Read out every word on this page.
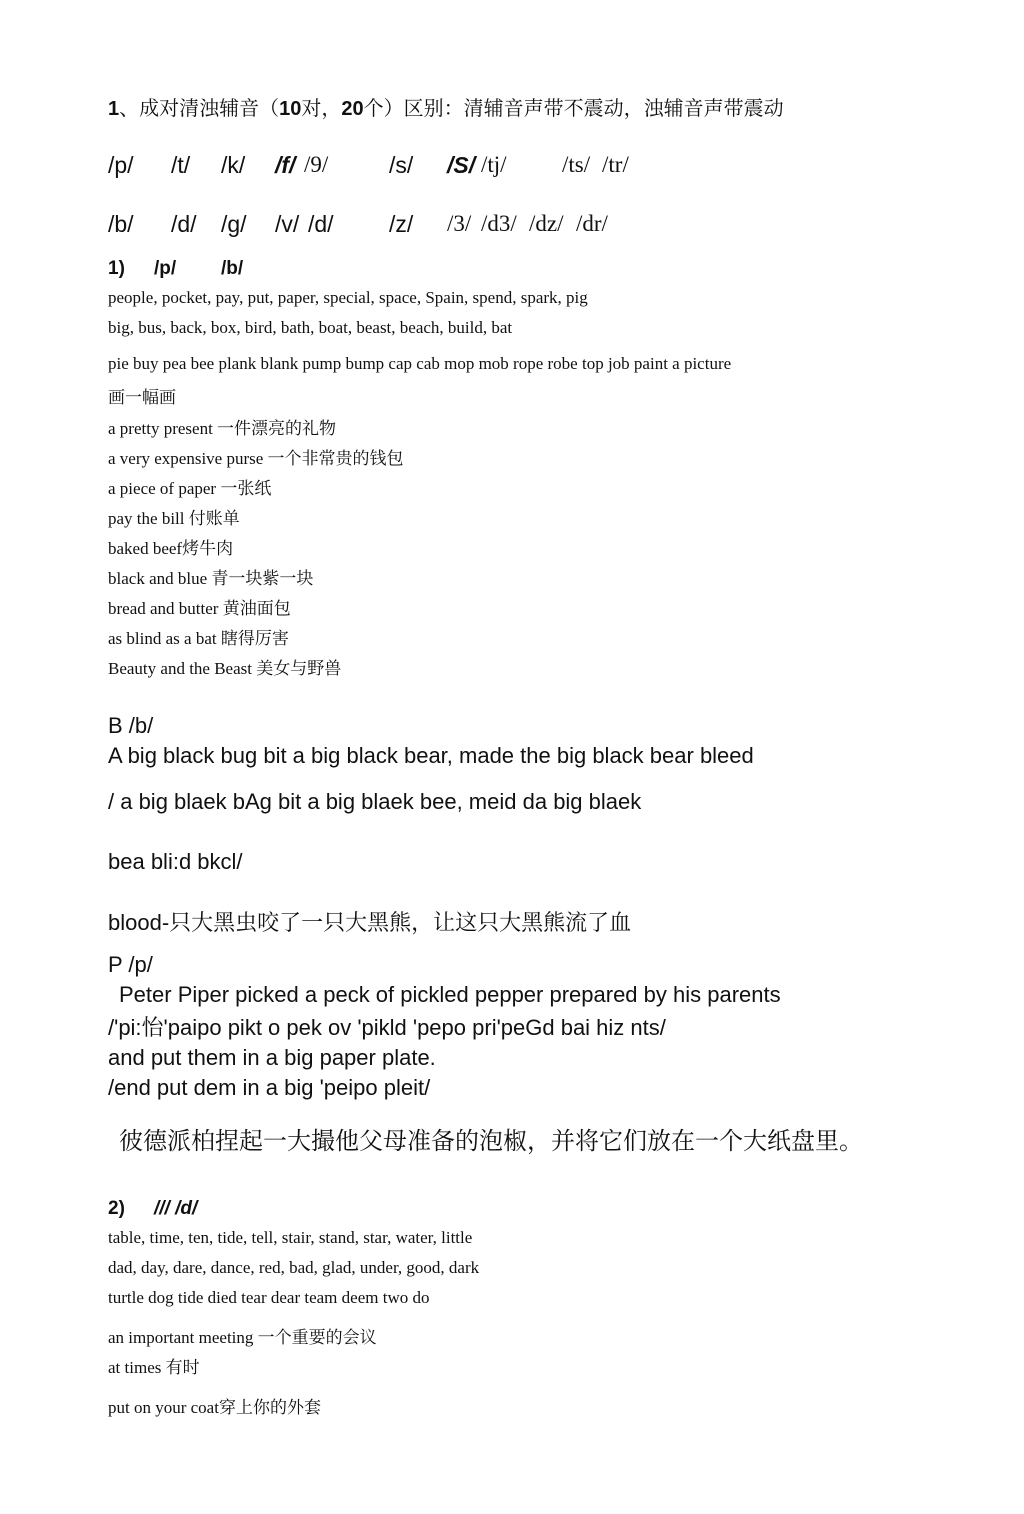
1、成对清浊辅音（10对，20个）区别：清辅音声带不震动，浊辅音声带震动
/p/ /t/ /k/ /f/ /9/	/s/ /S/ /tj/ /ts/ /tr/
/b/ /d/ /g/ /v/ /d/ /z/ /3/ /d3/ /dz/ /dr/
1) /p/ /b/
people, pocket, pay, put, paper, special, space, Spain, spend, spark, pig
big, bus, back, box, bird, bath, boat, beast, beach, build, bat
pie buy pea bee plank blank pump bump cap cab mop mob rope robe top job paint a picture
画一幅画
a pretty present 一件漂亮的礼物
a very expensive purse 一个非常贵的钱包
a piece of paper 一张纸
pay the bill 付账单
baked beef烤牛肉
black and blue 青一块紫一块
bread and butter 黄油面包
as blind as a bat 瞎得厉害
Beauty and the Beast 美女与野兽
B /b/
A big black bug bit a big black bear, made the big black bear bleed
/ a big blaek bAg bit a big blaek bee, meid da big blaek
bea bli:d bkcl/
blood-只大黑虫咬了一只大黑熊，让这只大黑熊流了血
P /p/
Peter Piper picked a peck of pickled pepper prepared by his parents
/'pi:怡'paipo pikt o pek ov 'pikld 'pepo pri'peGd bai hiz nts/
and put them in a big paper plate.
/end put dem in a big 'peipo pleit/
彼德派柏捏起一大撮他父母准备的泡椒，并将它们放在一个大纸盘里。
2) /// /d/
table, time, ten, tide, tell, stair, stand, star, water, little
dad, day, dare, dance, red, bad, glad, under, good, dark
turtle dog tide died tear dear team deem two do
an important meeting 一个重要的会议
at times 有时
put on your coat穿上你的外套
